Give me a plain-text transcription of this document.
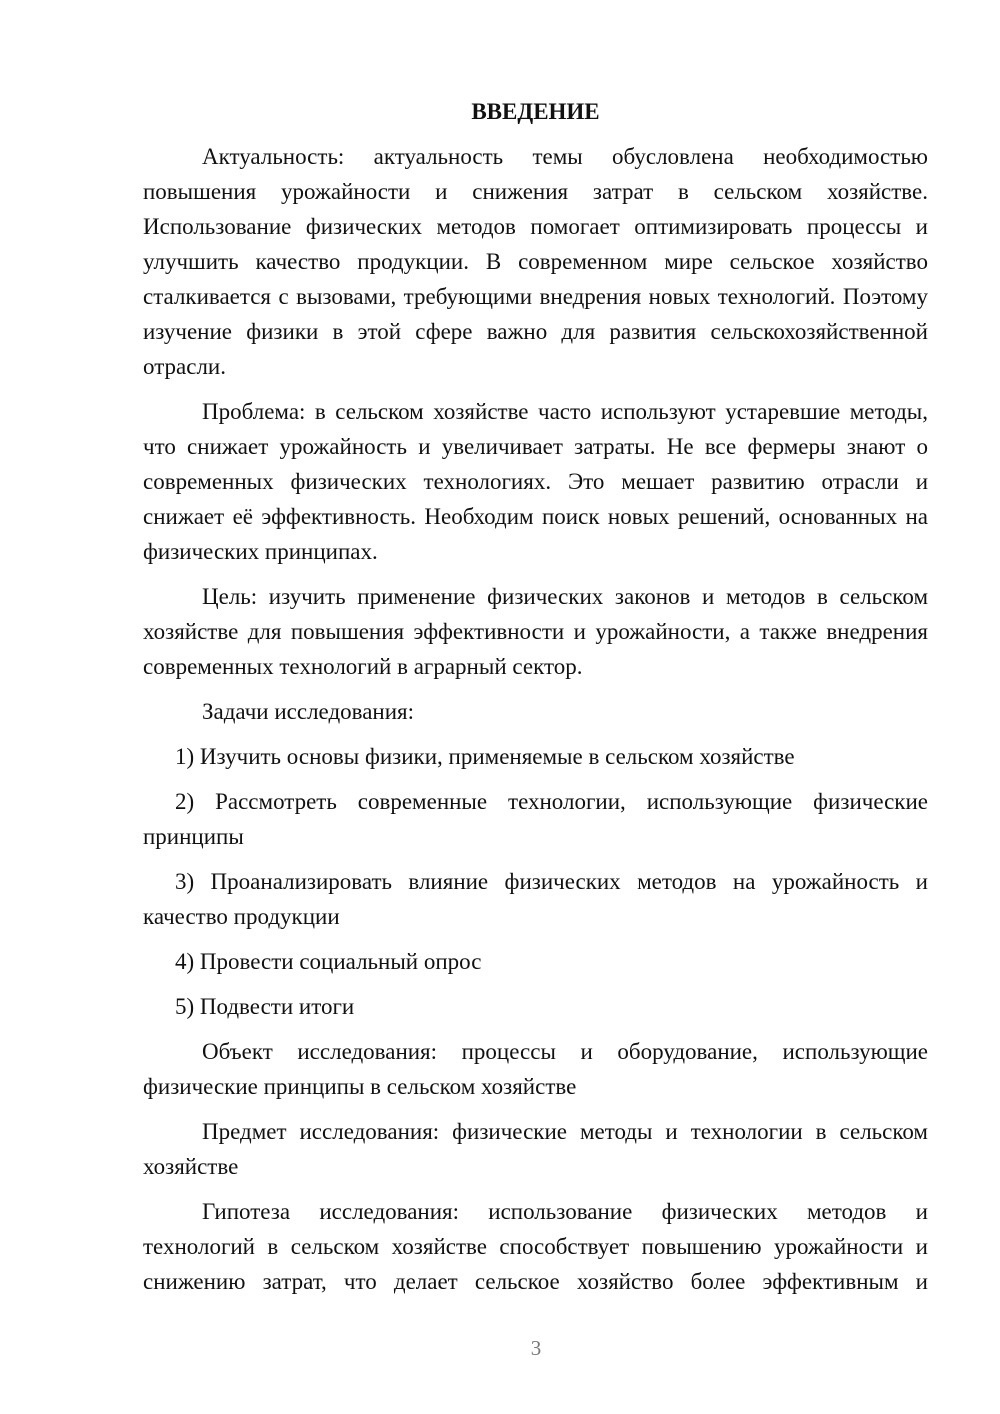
ВВЕДЕНИЕ

Актуальность: актуальность темы обусловлена необходимостью повышения урожайности и снижения затрат в сельском хозяйстве. Использование физических методов помогает оптимизировать процессы и улучшить качество продукции. В современном мире сельское хозяйство сталкивается с вызовами, требующими внедрения новых технологий. Поэтому изучение физики в этой сфере важно для развития сельскохозяйственной отрасли.

Проблема: в сельском хозяйстве часто используют устаревшие методы, что снижает урожайность и увеличивает затраты. Не все фермеры знают о современных физических технологиях. Это мешает развитию отрасли и снижает её эффективность. Необходим поиск новых решений, основанных на физических принципах.

Цель: изучить применение физических законов и методов в сельском хозяйстве для повышения эффективности и урожайности, а также внедрения современных технологий в аграрный сектор.

Задачи исследования:

1) Изучить основы физики, применяемые в сельском хозяйстве

2) Рассмотреть современные технологии, использующие физические принципы

3) Проанализировать влияние физических методов на урожайность и качество продукции

4) Провести социальный опрос

5) Подвести итоги

Объект исследования: процессы и оборудование, использующие физические принципы в сельском хозяйстве

Предмет исследования: физические методы и технологии в сельском хозяйстве

Гипотеза исследования: использование физических методов и технологий в сельском хозяйстве способствует повышению урожайности и снижению затрат, что делает сельское хозяйство более эффективным и

3
